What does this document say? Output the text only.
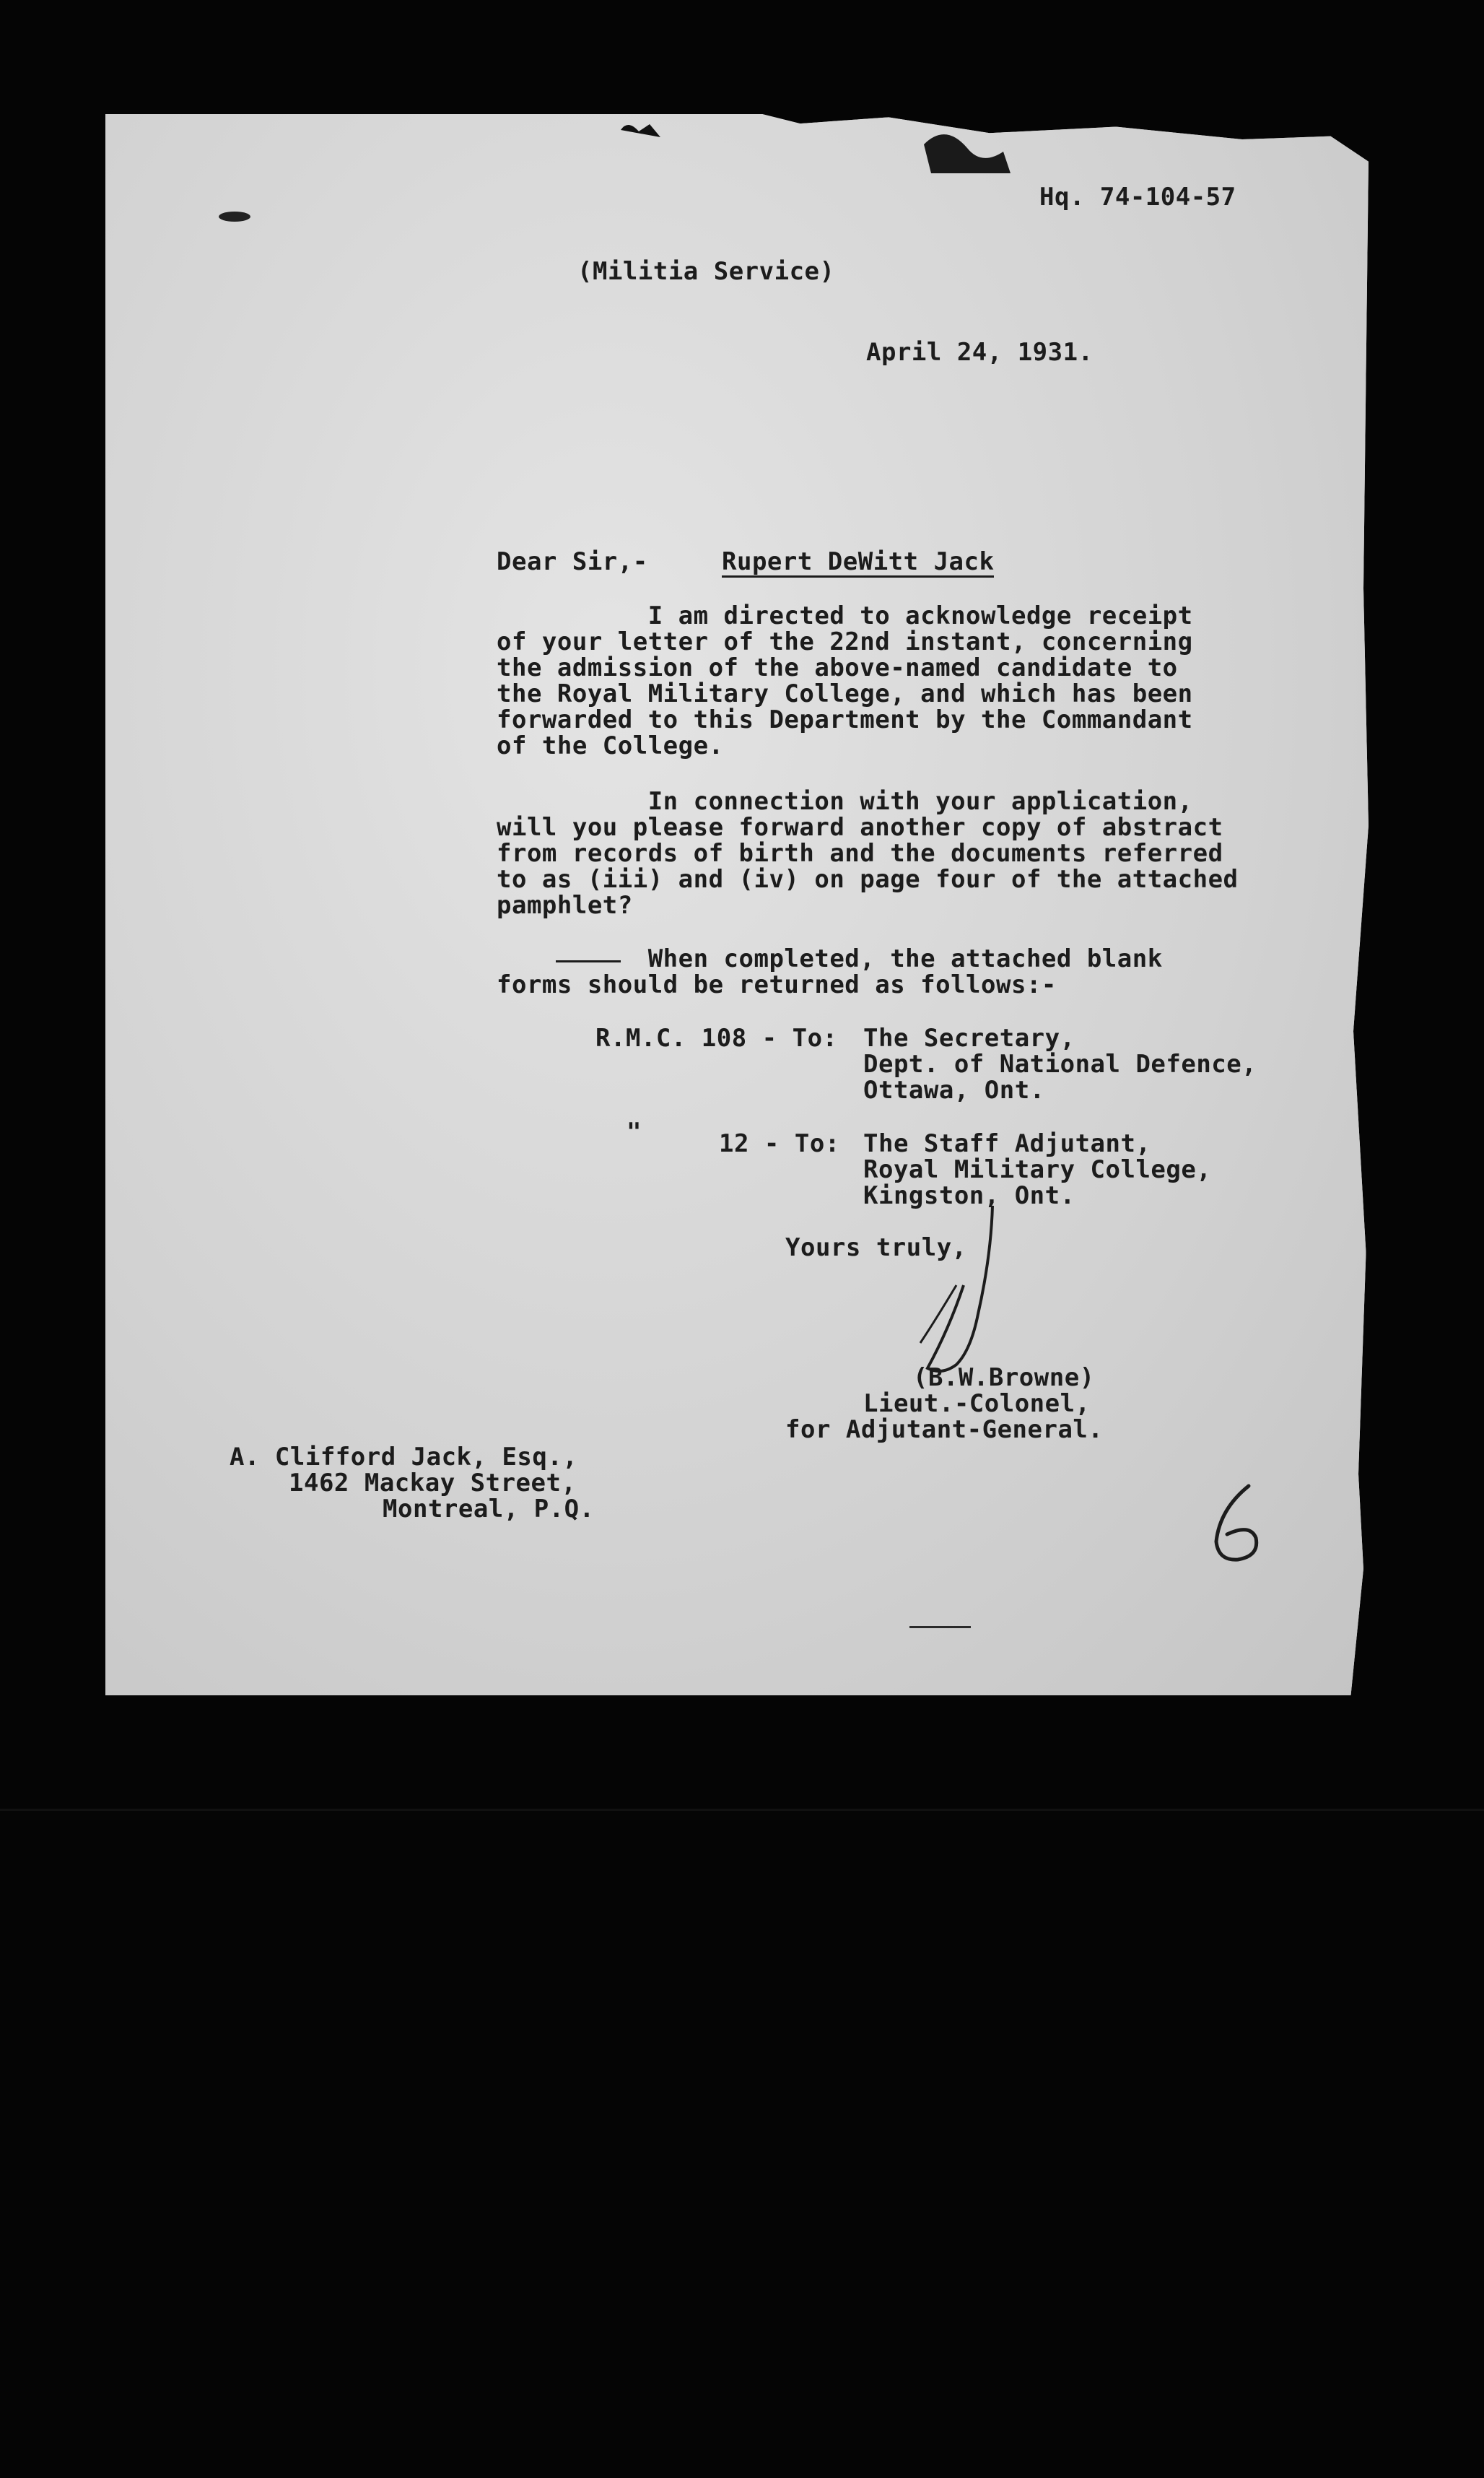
Hq. 74-104-57
(Militia Service)
April 24, 1931.
Dear Sir,-	Rupert DeWitt Jack
I am directed to acknowledge receipt
of your letter of the 22nd instant, concerning
the admission of the above-named candidate to
the Royal Military College, and which has been
forwarded to this Department by the Commandant
of the College.
In connection with your application,
will you please forward another copy of abstract
from records of birth and the documents referred
to as (iii) and (iv) on page four of the attached
pamphlet?
When completed, the attached blank
forms should be returned as follows:-
R.M.C. 108 - To: The Secretary,
Dept. of National Defence,
Ottawa, Ont.
"	12 - To: The Staff Adjutant,
Royal Military College,
Kingston, Ont.
Yours truly,
(B.W.Browne)
Lieut.-Colonel,
for Adjutant-General.
A. Clifford Jack, Esq.,
1462 Mackay Street,
Montreal, P.Q.
